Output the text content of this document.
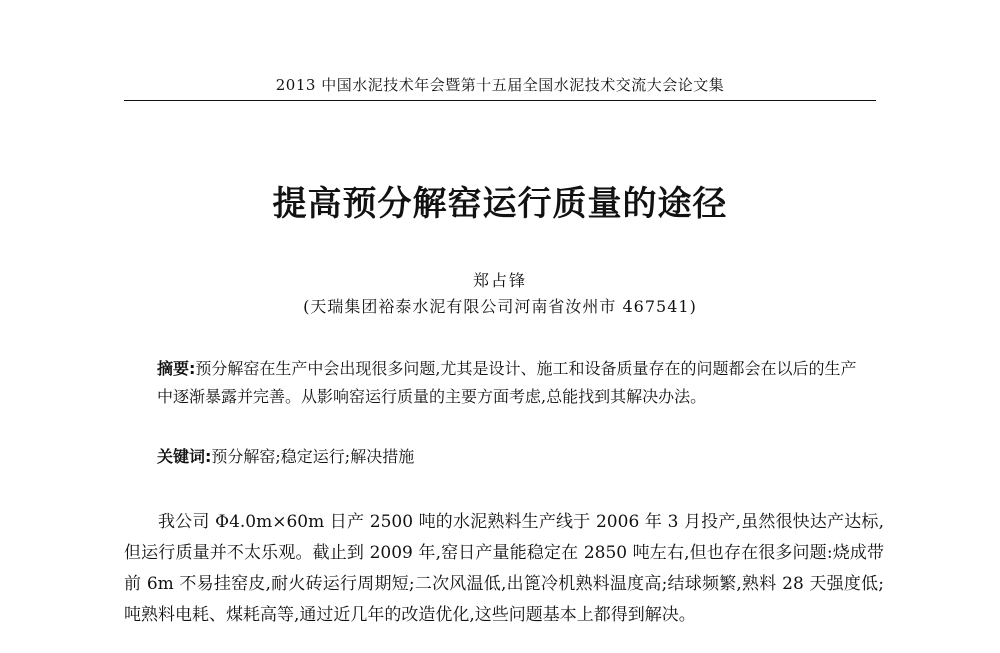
2013 中国水泥技术年会暨第十五届全国水泥技术交流大会论文集
提高预分解窑运行质量的途径
郑占锋
(天瑞集团裕泰水泥有限公司河南省汝州市 467541)
摘要:预分解窑在生产中会出现很多问题,尤其是设计、施工和设备质量存在的问题都会在以后的生产中逐渐暴露并完善。从影响窑运行质量的主要方面考虑,总能找到其解决办法。
关键词:预分解窑;稳定运行;解决措施
我公司 Φ4.0m×60m 日产 2500 吨的水泥熟料生产线于 2006 年 3 月投产,虽然很快达产达标,但运行质量并不太乐观。截止到 2009 年,窑日产量能稳定在 2850 吨左右,但也存在很多问题:烧成带前 6m 不易挂窑皮,耐火砖运行周期短;二次风温低,出篦冷机熟料温度高;结球频繁,熟料 28 天强度低;吨熟料电耗、煤耗高等,通过近几年的改造优化,这些问题基本上都得到解决。
